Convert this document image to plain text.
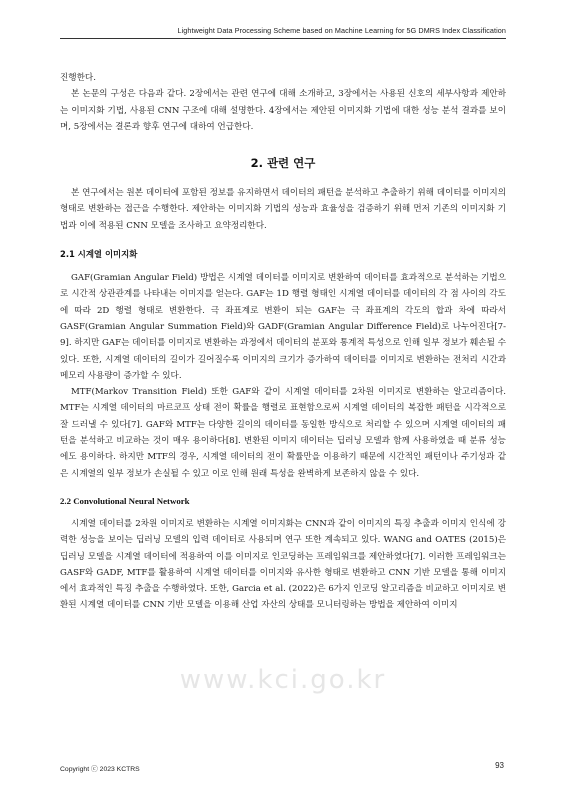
Lightweight Data Processing Scheme based on Machine Learning for 5G DMRS Index Classification

진행한다.

본 논문의 구성은 다음과 같다. 2장에서는 관련 연구에 대해 소개하고, 3장에서는 사용된 신호의 세부사항과 제안하는 이미지화 기법, 사용된 CNN 구조에 대해 설명한다. 4장에서는 제안된 이미지화 기법에 대한 성능 분석 결과를 보이며, 5장에서는 결론과 향후 연구에 대하여 언급한다.

2. 관련 연구

본 연구에서는 원본 데이터에 포함된 정보를 유지하면서 데이터의 패턴을 분석하고 추출하기 위해 데이터를 이미지의 형태로 변환하는 접근을 수행한다. 제안하는 이미지화 기법의 성능과 효율성을 검증하기 위해 먼저 기존의 이미지화 기법과 이에 적용된 CNN 모델을 조사하고 요약정리한다.

2.1 시계열 이미지화

GAF(Gramian Angular Field) 방법은 시계열 데이터를 이미지로 변환하여 데이터를 효과적으로 분석하는 기법으로 시간적 상관관계를 나타내는 이미지를 얻는다. GAF는 1D 행렬 형태인 시계열 데이터를 데이터의 각 점 사이의 각도에 따라 2D 행렬 형태로 변환한다. 극 좌표계로 변환이 되는 GAF는 극 좌표계의 각도의 합과 차에 따라서 GASF(Gramian Angular Summation Field)와 GADF(Gramian Angular Difference Field)로 나누어진다[7-9]. 하지만 GAF는 데이터를 이미지로 변환하는 과정에서 데이터의 분포와 통계적 특성으로 인해 일부 정보가 훼손될 수 있다. 또한, 시계열 데이터의 길이가 길어질수록 이미지의 크기가 증가하여 데이터를 이미지로 변환하는 전처리 시간과 메모리 사용량이 증가할 수 있다.

MTF(Markov Transition Field) 또한 GAF와 같이 시계열 데이터를 2차원 이미지로 변환하는 알고리즘이다. MTF는 시계열 데이터의 마르코프 상태 전이 확률을 행렬로 표현함으로써 시계열 데이터의 복잡한 패턴을 시각적으로 잘 드러낼 수 있다[7]. GAF와 MTF는 다양한 길이의 데이터를 동일한 방식으로 처리할 수 있으며 시계열 데이터의 패턴을 분석하고 비교하는 것이 매우 용이하다[8]. 변환된 이미지 데이터는 딥러닝 모델과 함께 사용하였을 때 분류 성능에도 용이하다. 하지만 MTF의 경우, 시계열 데이터의 전이 확률만을 이용하기 때문에 시간적인 패턴이나 주기성과 같은 시계열의 일부 정보가 손실될 수 있고 이로 인해 원래 특성을 완벽하게 보존하지 않을 수 있다.

2.2 Convolutional Neural Network

시계열 데이터를 2차원 이미지로 변환하는 시계열 이미지화는 CNN과 같이 이미지의 특징 추출과 이미지 인식에 강력한 성능을 보이는 딥러닝 모델의 입력 데이터로 사용되며 연구 또한 계속되고 있다. WANG and OATES (2015)은 딥러닝 모델을 시계열 데이터에 적용하여 이를 이미지로 인코딩하는 프레임워크를 제안하였다[7]. 이러한 프레임워크는 GASF와 GADF, MTF를 활용하여 시계열 데이터를 이미지와 유사한 형태로 변환하고 CNN 기반 모델을 통해 이미지에서 효과적인 특징 추출을 수행하였다. 또한, Garcia et al. (2022)은 6가지 인코딩 알고리즘을 비교하고 이미지로 변환된 시계열 데이터를 CNN 기반 모델을 이용해 산업 자산의 상태를 모니터링하는 방법을 제안하여 이미지

www.kci.go.kr
Copyright ⓒ 2023 KCTRS	93
